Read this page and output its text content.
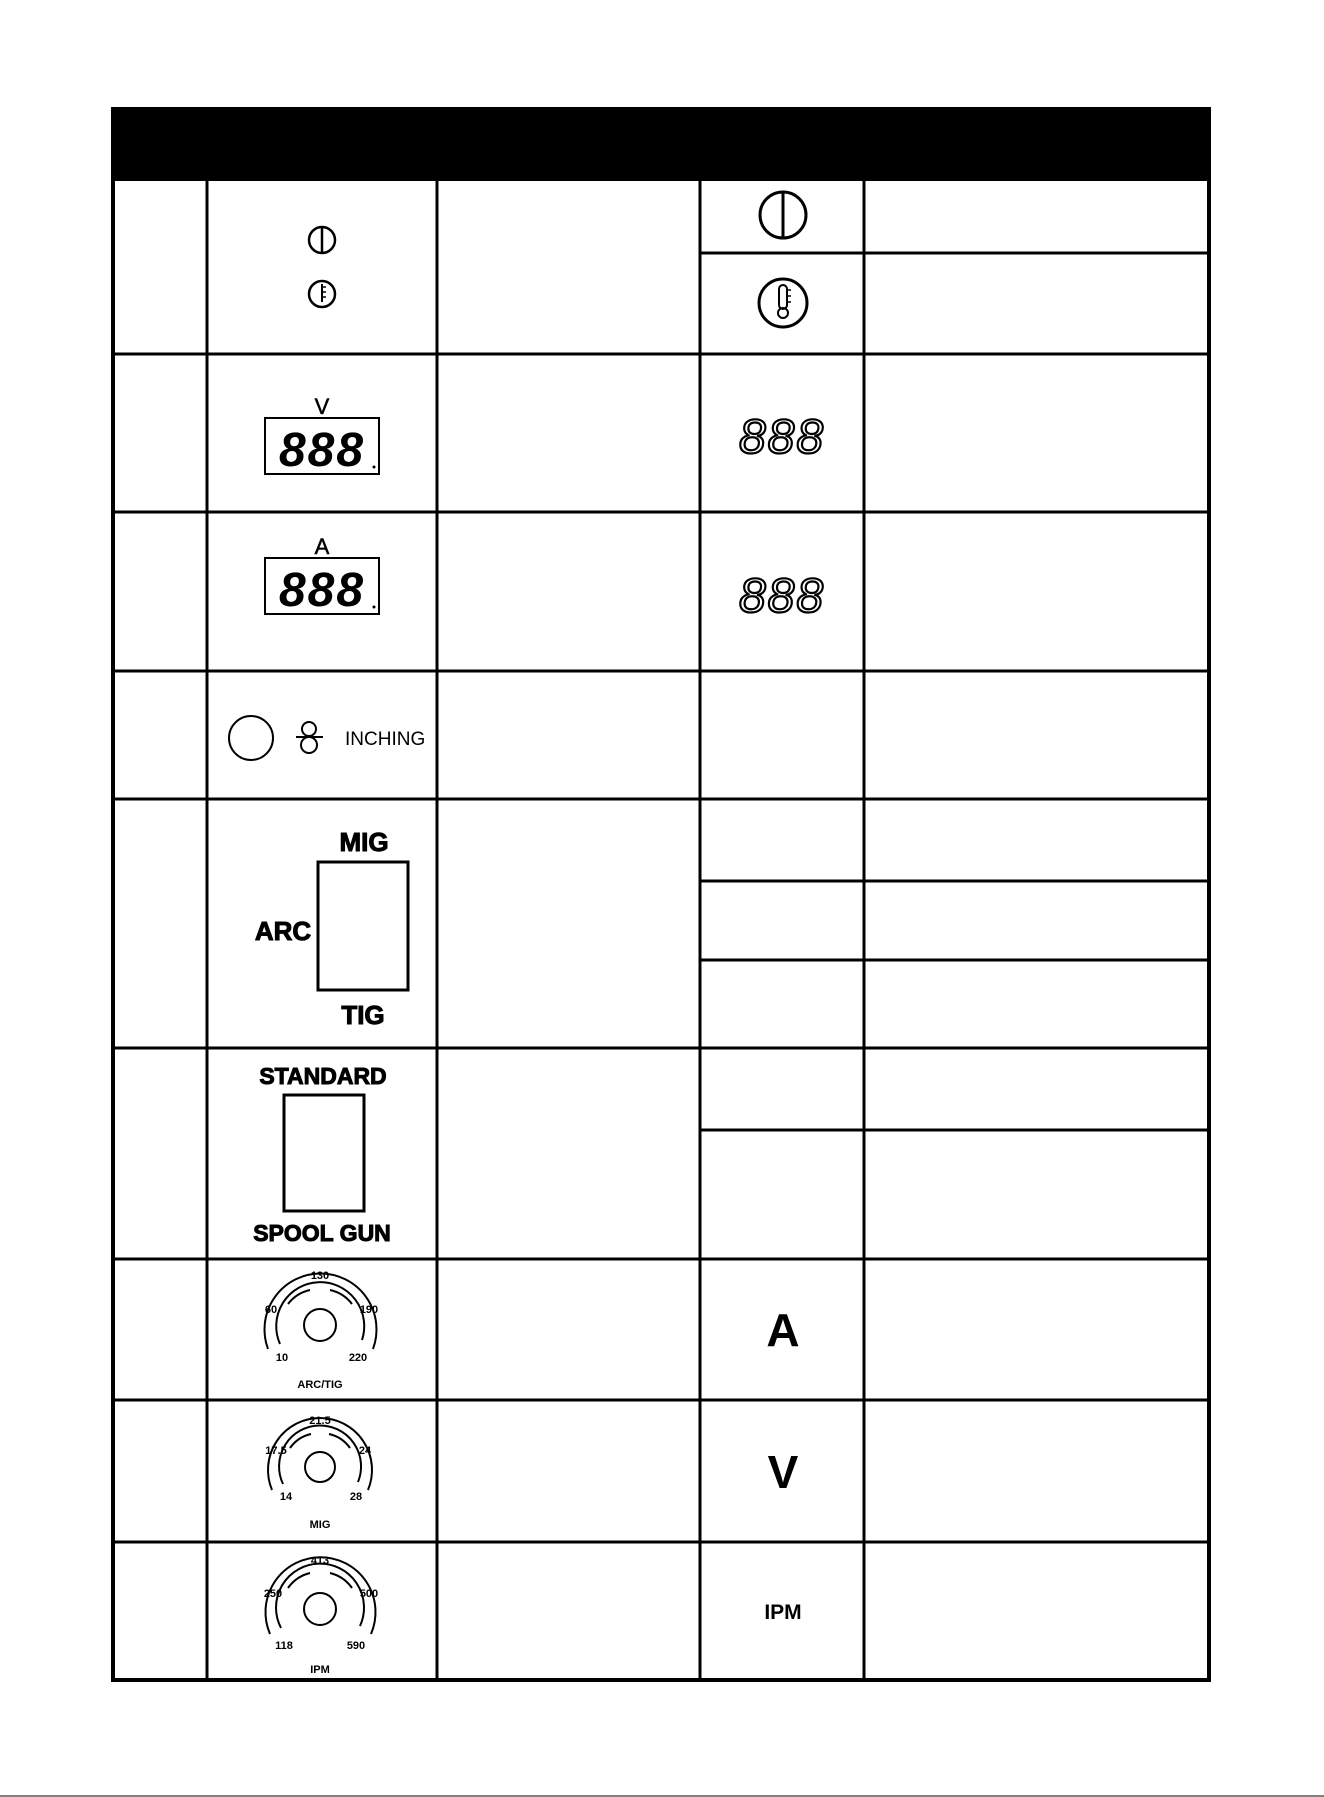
V
888	888
A
888	888
INCHING
MIG
ARC
TIG
STANDARD
SPOOL GUN
10
60
130
190
220
ARC/TIG
A
14
17.5
21.5
24
28
MIG
V
118
250
413
500
590
IPM
IPM
